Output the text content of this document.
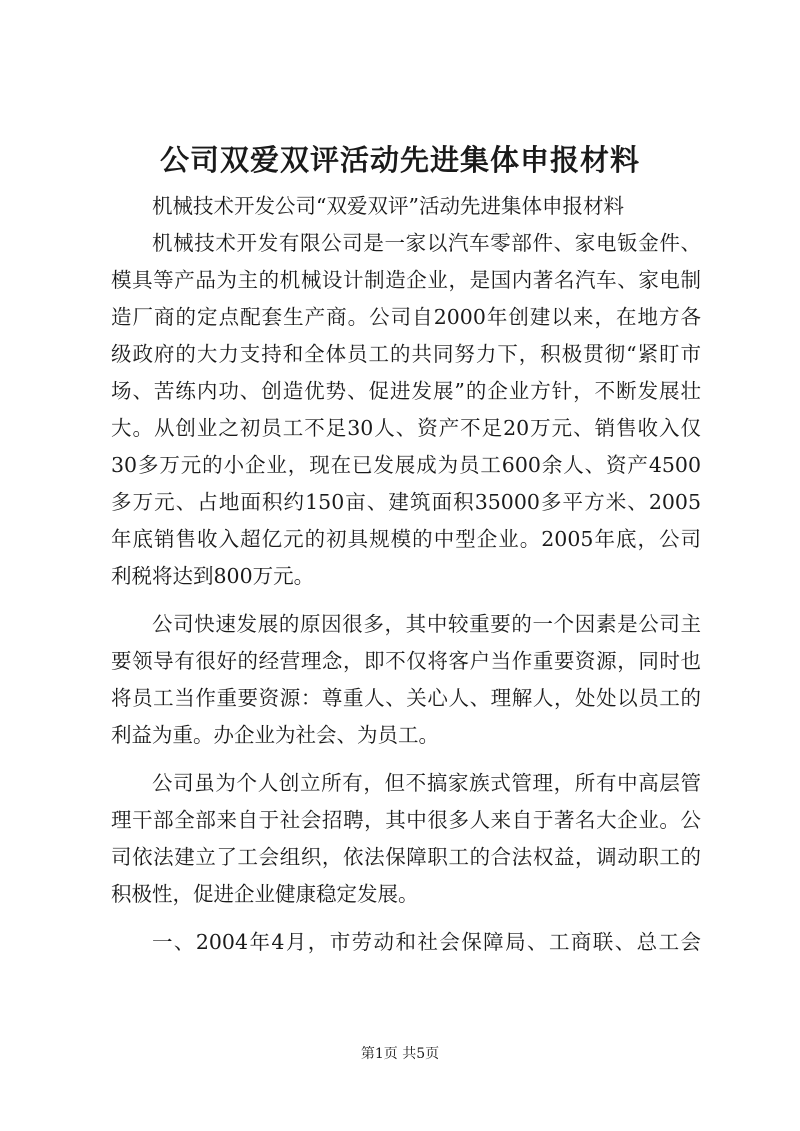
公司双爱双评活动先进集体申报材料
机械技术开发公司“双爱双评”活动先进集体申报材料
机械技术开发有限公司是一家以汽车零部件、家电钣金件、
模具等产品为主的机械设计制造企业，是国内著名汽车、家电制
造厂商的定点配套生产商。公司自2000年创建以来，在地方各
级政府的大力支持和全体员工的共同努力下，积极贯彻“紧盯市
场、苦练内功、创造优势、促进发展”的企业方针，不断发展壮
大。从创业之初员工不足30人、资产不足20万元、销售收入仅
30多万元的小企业，现在已发展成为员工600余人、资产4500
多万元、占地面积约150亩、建筑面积35000多平方米、2005
年底销售收入超亿元的初具规模的中型企业。2005年底，公司
利税将达到800万元。
公司快速发展的原因很多，其中较重要的一个因素是公司主
要领导有很好的经营理念，即不仅将客户当作重要资源，同时也
将员工当作重要资源：尊重人、关心人、理解人，处处以员工的
利益为重。办企业为社会、为员工。
公司虽为个人创立所有，但不搞家族式管理，所有中高层管
理干部全部来自于社会招聘，其中很多人来自于著名大企业。公
司依法建立了工会组织，依法保障职工的合法权益，调动职工的
积极性，促进企业健康稳定发展。
一、2004年4月，市劳动和社会保障局、工商联、总工会
第1页 共5页
